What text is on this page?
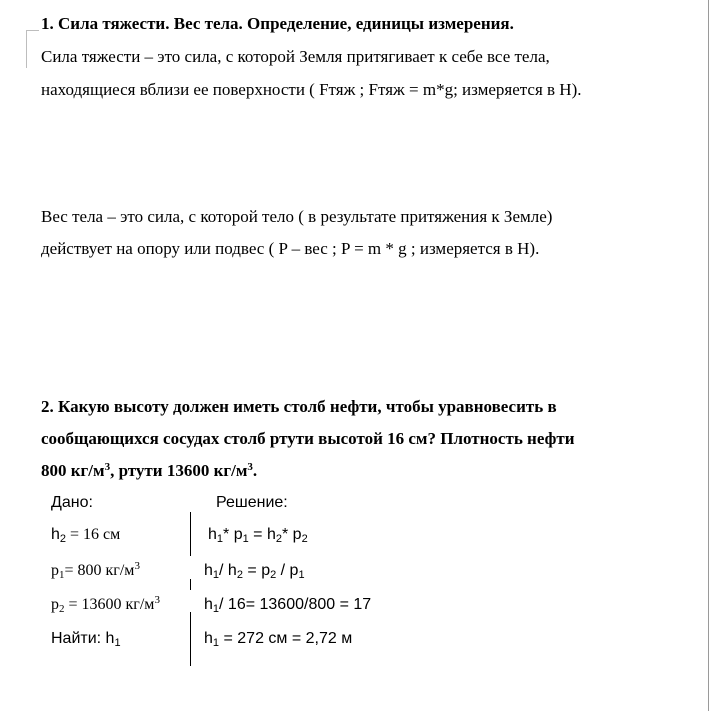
1. Сила тяжести. Вес тела. Определение, единицы измерения.
Сила тяжести – это сила, с которой Земля притягивает к себе все тела,
находящиеся вблизи ее поверхности ( Fтяж ; Fтяж = m*g; измеряется в Н).
Вес тела – это сила, с которой тело ( в результате притяжения к Земле)
действует на опору или подвес ( P – вес ; P = m * g ; измеряется в Н).
2. Какую высоту должен иметь столб нефти, чтобы уравновесить в
сообщающихся сосудах столб ртути высотой 16 см? Плотность нефти
800 $кг/м^3$, ртути 13600 $кг/м^3$.
Дано:	Решение:
$h_2 = 16$ см
$p_1= 800$ $кг/м^3$
$p_2 = 13600$ $кг/м^3$
Найти: $h_1$
$h_1*$ $p_1 = h_2*$ $p_2$
$h_1/$ $h_2 = p_2 / p_1$
$h_1/$ 16= 13600/800 = 17
$h_1 = 272$ см = 2,72 м
